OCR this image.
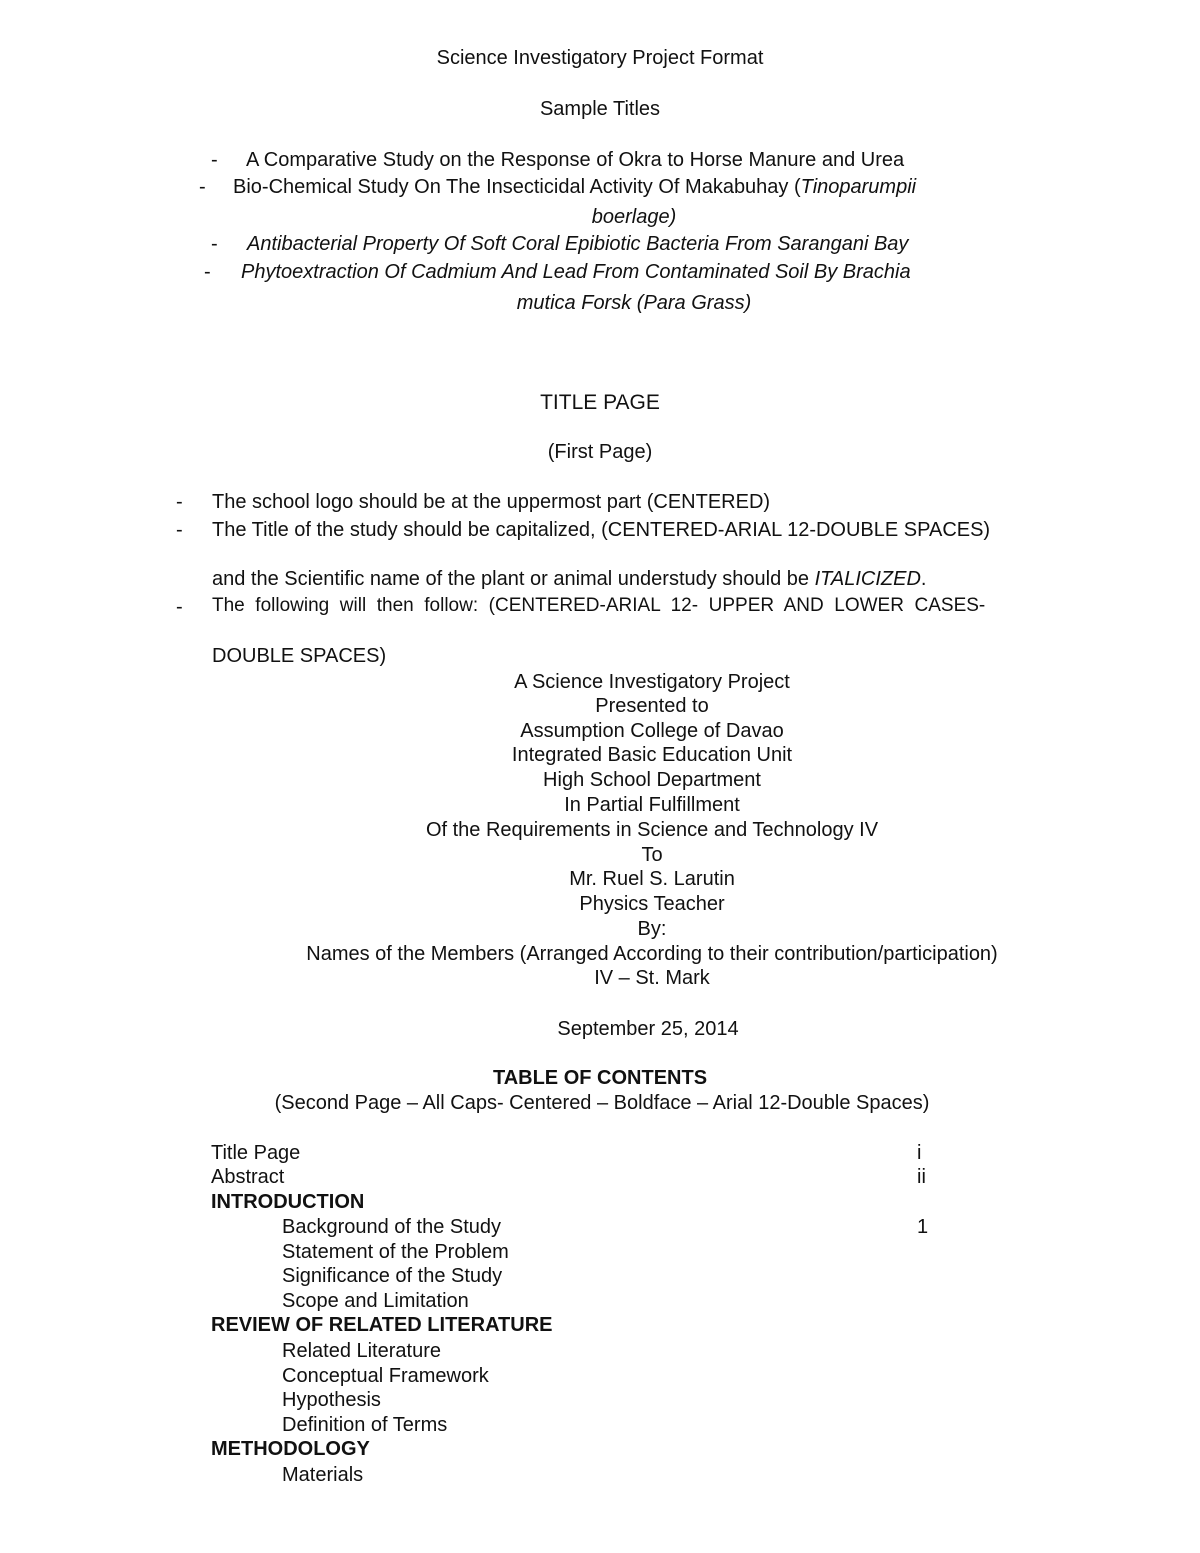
Science Investigatory Project Format
Sample Titles
- A Comparative Study on the Response of Okra to Horse Manure and Urea
- Bio-Chemical Study On The Insecticidal Activity Of Makabuhay (Tinoparumpii
boerlage)
- Antibacterial Property Of Soft Coral Epibiotic Bacteria From Sarangani Bay
- Phytoextraction Of Cadmium And Lead From Contaminated Soil By Brachia
mutica Forsk (Para Grass)
TITLE PAGE
(First Page)
- The school logo should be at the uppermost part (CENTERED)
- The Title of the study should be capitalized, (CENTERED-ARIAL 12-DOUBLE SPACES)
and the Scientific name of the plant or animal understudy should be ITALICIZED.
- The  following  will  then  follow:  (CENTERED-ARIAL  12-  UPPER  AND  LOWER  CASES-
DOUBLE SPACES)
A Science Investigatory Project
Presented to
Assumption College of Davao
Integrated Basic Education Unit
High School Department
In Partial Fulfillment
Of the Requirements in Science and Technology IV
To
Mr. Ruel S. Larutin
Physics Teacher
By:
Names of the Members (Arranged According to their contribution/participation)
IV – St. Mark
September 25, 2014
TABLE OF CONTENTS
(Second Page – All Caps- Centered – Boldface – Arial 12-Double Spaces)
Title Page	i
Abstract	ii
INTRODUCTION
Background of the Study	1
Statement of the Problem
Significance of the Study
Scope and Limitation
REVIEW OF RELATED LITERATURE
Related Literature
Conceptual Framework
Hypothesis
Definition of Terms
METHODOLOGY
Materials
